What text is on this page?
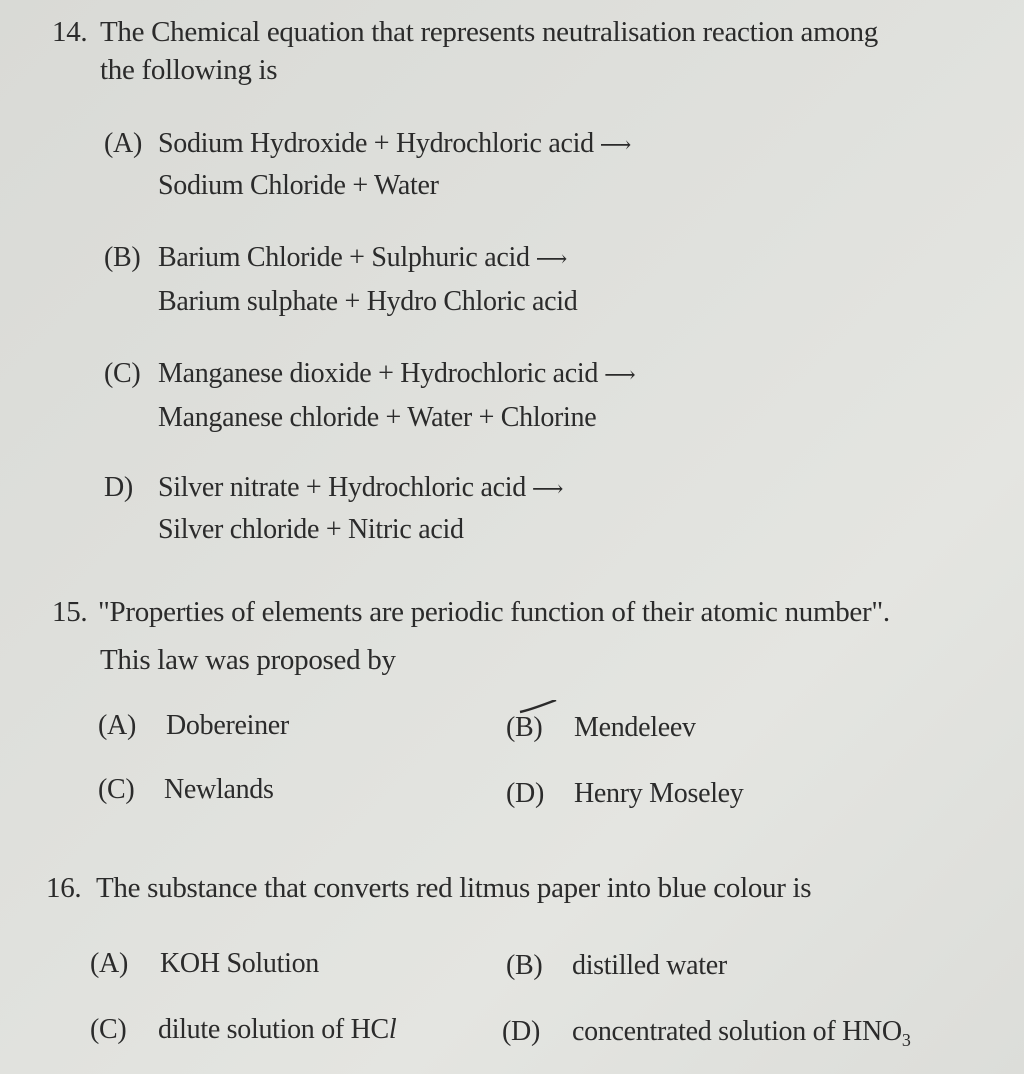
14. The Chemical equation that represents neutralisation reaction among
the following is
(A) Sodium Hydroxide + Hydrochloric acid ⟶
Sodium Chloride + Water
(B) Barium Chloride + Sulphuric acid ⟶
Barium sulphate + Hydro Chloric acid
(C) Manganese dioxide + Hydrochloric acid ⟶
Manganese chloride + Water + Chlorine
D) Silver nitrate + Hydrochloric acid ⟶
Silver chloride + Nitric acid
15. "Properties of elements are periodic function of their atomic number".
This law was proposed by
(A) Dobereiner	(B) Mendeleev
(C) Newlands	(D) Henry Moseley
16. The substance that converts red litmus paper into blue colour is
(A) KOH Solution	(B) distilled water
(C) dilute solution of HCl	(D) concentrated solution of $HNO_3$
